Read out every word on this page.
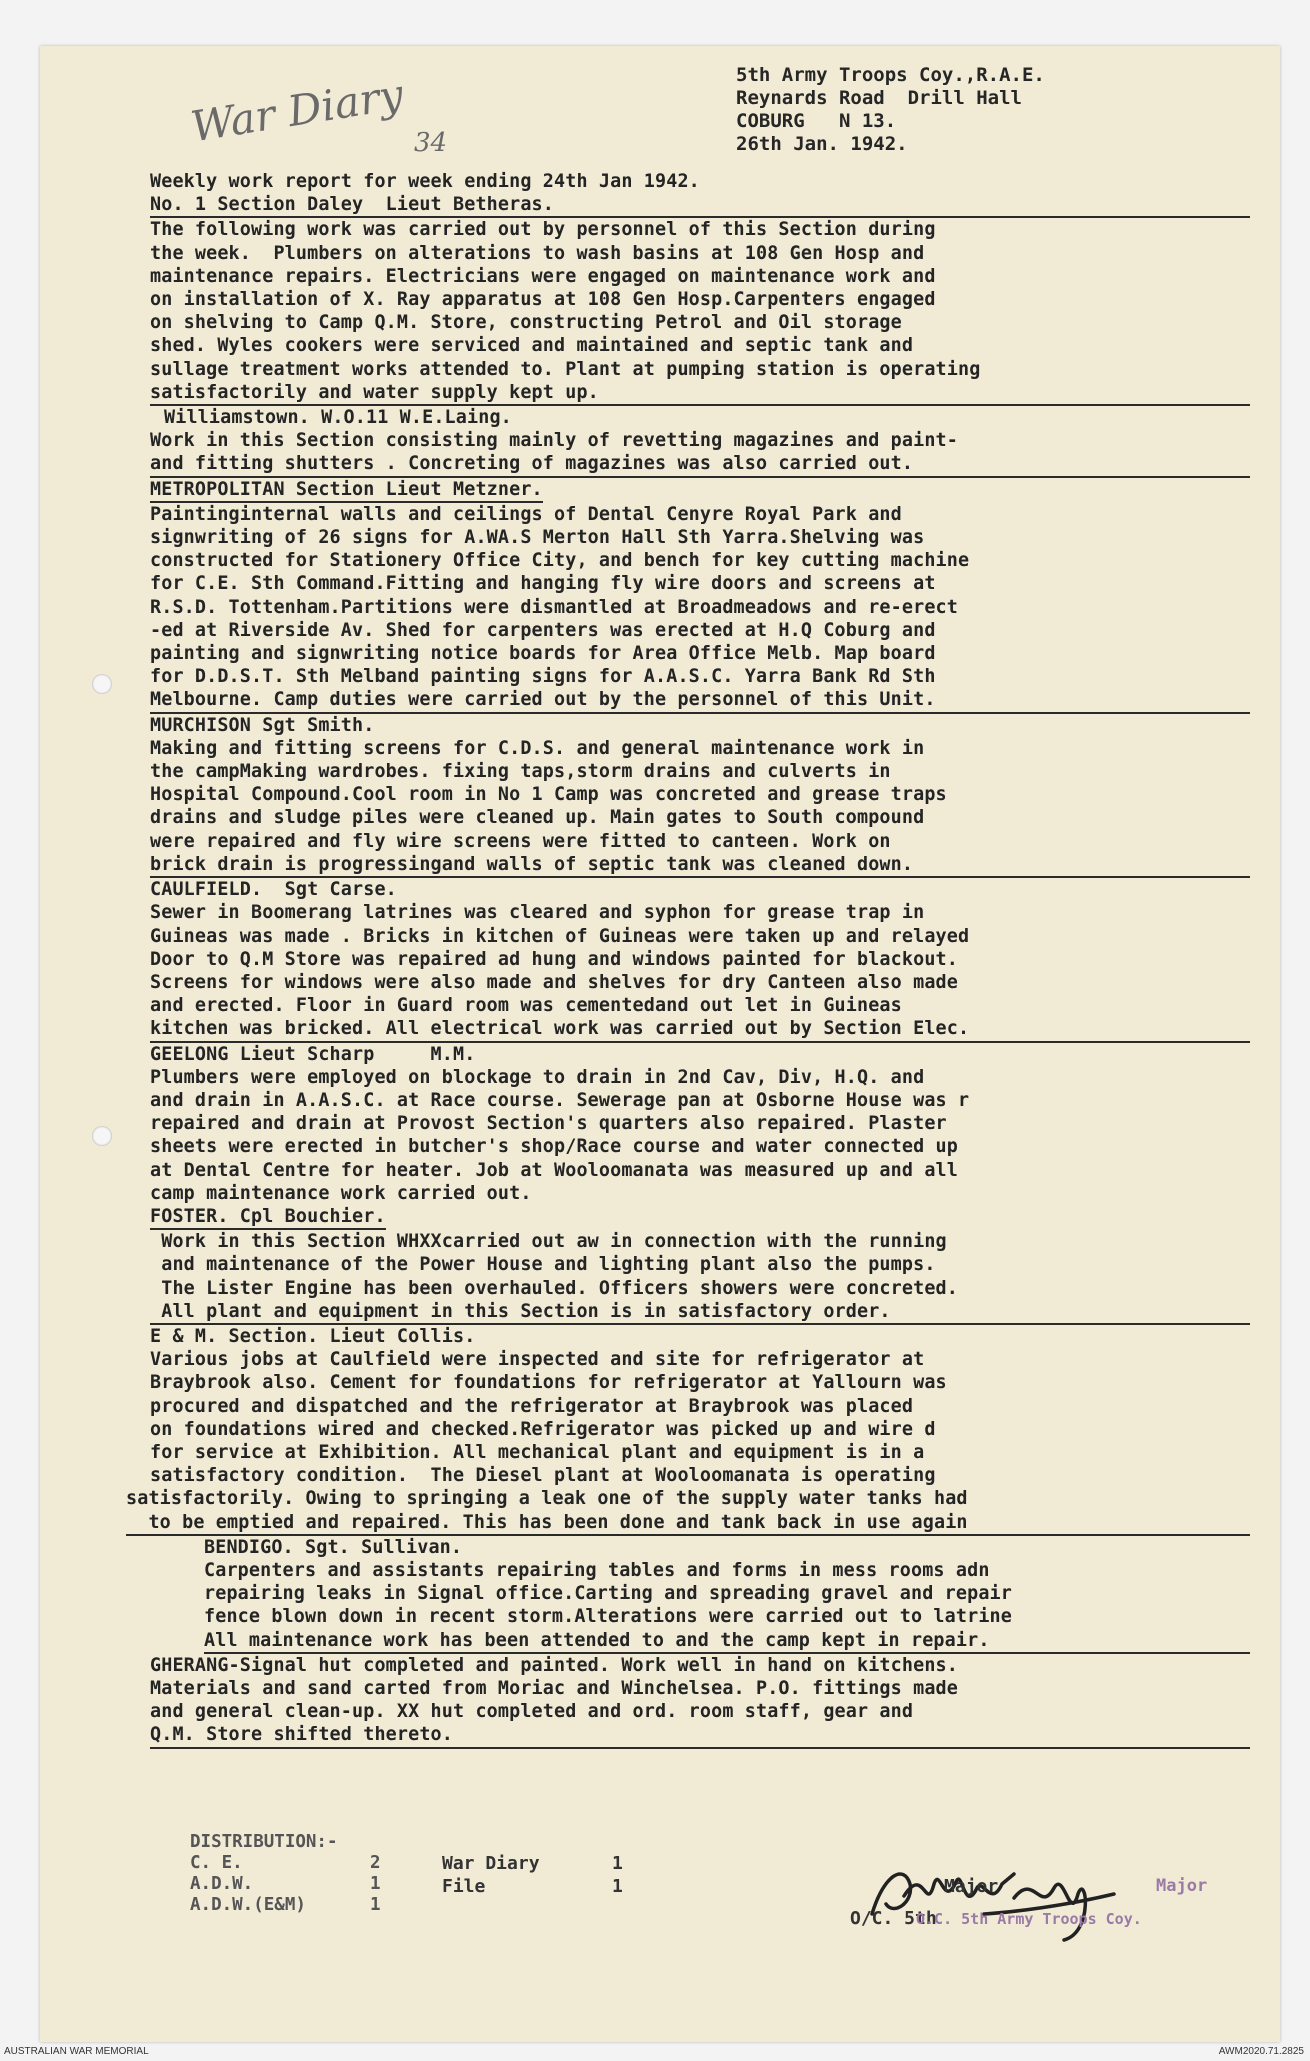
War Diary 34
5th Army Troops Coy.,R.A.E.
Reynards Road  Drill Hall
COBURG   N 13.
26th Jan. 1942.
Weekly work report for week ending 24th Jan 1942.
No. 1 Section Daley  Lieut Betheras.
The following work was carried out by personnel of this Section during
the week.  Plumbers on alterations to wash basins at 108 Gen Hosp and
maintenance repairs. Electricians were engaged on maintenance work and
on installation of X. Ray apparatus at 108 Gen Hosp.Carpenters engaged
on shelving to Camp Q.M. Store, constructing Petrol and Oil storage
shed. Wyles cookers were serviced and maintained and septic tank and
sullage treatment works attended to. Plant at pumping station is operating
satisfactorily and water supply kept up.
Williamstown. W.O.11 W.E.Laing.
Work in this Section consisting mainly of revetting magazines and paint-
and fitting shutters . Concreting of magazines was also carried out.
METROPOLITAN Section Lieut Metzner.
Paintinginternal walls and ceilings of Dental Cenyre Royal Park and
signwriting of 26 signs for A.WA.S Merton Hall Sth Yarra.Shelving was
constructed for Stationery Office City, and bench for key cutting machine
for C.E. Sth Command.Fitting and hanging fly wire doors and screens at
R.S.D. Tottenham.Partitions were dismantled at Broadmeadows and re-erect
-ed at Riverside Av. Shed for carpenters was erected at H.Q Coburg and
painting and signwriting notice boards for Area Office Melb. Map board
for D.D.S.T. Sth Melband painting signs for A.A.S.C. Yarra Bank Rd Sth
Melbourne. Camp duties were carried out by the personnel of this Unit.
MURCHISON Sgt Smith.
Making and fitting screens for C.D.S. and general maintenance work in
the campMaking wardrobes. fixing taps,storm drains and culverts in
Hospital Compound.Cool room in No 1 Camp was concreted and grease traps
drains and sludge piles were cleaned up. Main gates to South compound
were repaired and fly wire screens were fitted to canteen. Work on
brick drain is progressingand walls of septic tank was cleaned down.
CAULFIELD.  Sgt Carse.
Sewer in Boomerang latrines was cleared and syphon for grease trap in
Guineas was made . Bricks in kitchen of Guineas were taken up and relayed
Door to Q.M Store was repaired ad hung and windows painted for blackout.
Screens for windows were also made and shelves for dry Canteen also made
and erected. Floor in Guard room was cementedand out let in Guineas
kitchen was bricked. All electrical work was carried out by Section Elec.
GEELONG Lieut Scharp     M.M.
Plumbers were employed on blockage to drain in 2nd Cav, Div, H.Q. and
and drain in A.A.S.C. at Race course. Sewerage pan at Osborne House was r
repaired and drain at Provost Section's quarters also repaired. Plaster
sheets were erected in butcher's shop/Race course and water connected up
at Dental Centre for heater. Job at Wooloomanata was measured up and all
camp maintenance work carried out.
FOSTER. Cpl Bouchier.
Work in this Section WHXXcarried out aw in connection with the running
and maintenance of the Power House and lighting plant also the pumps.
The Lister Engine has been overhauled. Officers showers were concreted.
All plant and equipment in this Section is in satisfactory order.
E & M. Section. Lieut Collis.
Various jobs at Caulfield were inspected and site for refrigerator at
Braybrook also. Cement for foundations for refrigerator at Yallourn was
procured and dispatched and the refrigerator at Braybrook was placed
on foundations wired and checked.Refrigerator was picked up and wire d
for service at Exhibition. All mechanical plant and equipment is in a
satisfactory condition.  The Diesel plant at Wooloomanata is operating
satisfactorily. Owing to springing a leak one of the supply water tanks had
to be emptied and repaired. This has been done and tank back in use again
BENDIGO. Sgt. Sullivan.
Carpenters and assistants repairing tables and forms in mess rooms adn
repairing leaks in Signal office.Carting and spreading gravel and repair
fence blown down in recent storm.Alterations were carried out to latrine
All maintenance work has been attended to and the camp kept in repair.
GHERANG-Signal hut completed and painted. Work well in hand on kitchens.
Materials and sand carted from Moriac and Winchelsea. P.O. fittings made
and general clean-up. XX hut completed and ord. room staff, gear and
Q.M. Store shifted thereto.
DISTRIBUTION:-
C. E.	2
A.D.W.	1
A.D.W.(E&M)	1
War Diary	1
File	1	Major
O/C. 5th
Major
O.C. 5th Army Troops Coy.
AUSTRALIAN WAR MEMORIAL	AWM2020.71.2825
